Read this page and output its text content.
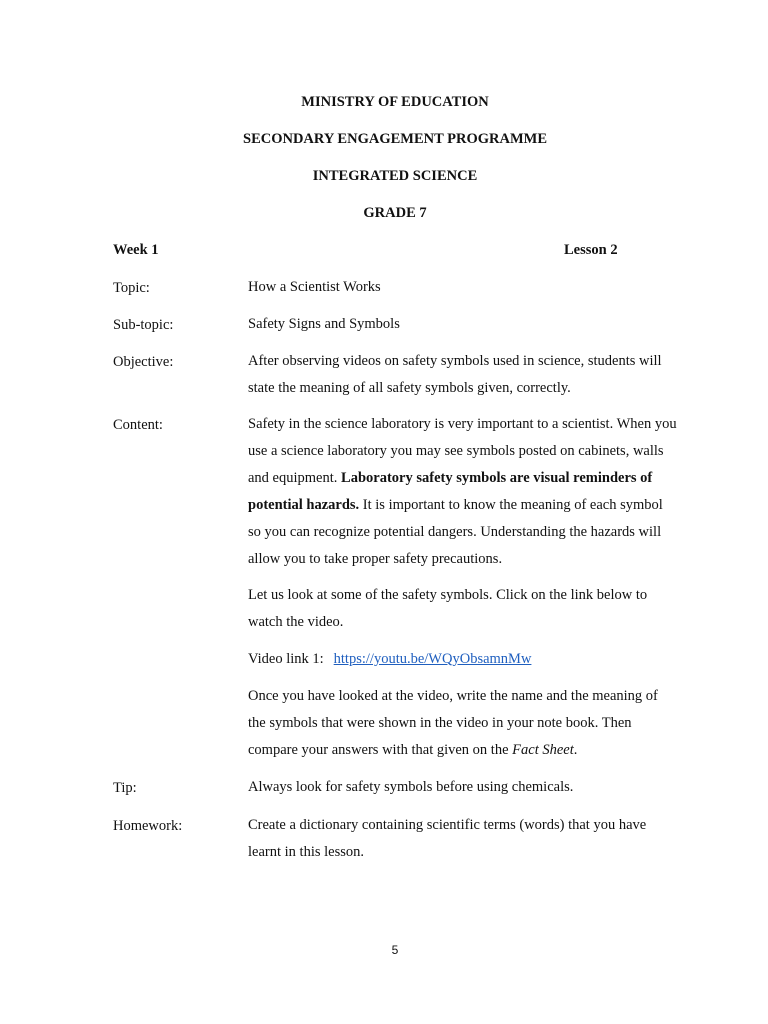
MINISTRY OF EDUCATION
SECONDARY ENGAGEMENT PROGRAMME
INTEGRATED SCIENCE
GRADE 7
Week 1	Lesson 2
Topic:	How a Scientist Works
Sub-topic:	Safety Signs and Symbols
Objective:	After observing videos on safety symbols used in science, students will state the meaning of all safety symbols given, correctly.
Content:	Safety in the science laboratory is very important to a scientist. When you use a science laboratory you may see symbols posted on cabinets, walls and equipment. Laboratory safety symbols are visual reminders of potential hazards. It is important to know the meaning of each symbol so you can recognize potential dangers. Understanding the hazards will allow you to take proper safety precautions.
Let us look at some of the safety symbols. Click on the link below to watch the video.
Video link 1: https://youtu.be/WQyObsamnMw
Once you have looked at the video, write the name and the meaning of the symbols that were shown in the video in your note book. Then compare your answers with that given on the Fact Sheet.
Tip:	Always look for safety symbols before using chemicals.
Homework:	Create a dictionary containing scientific terms (words) that you have learnt in this lesson.
5
